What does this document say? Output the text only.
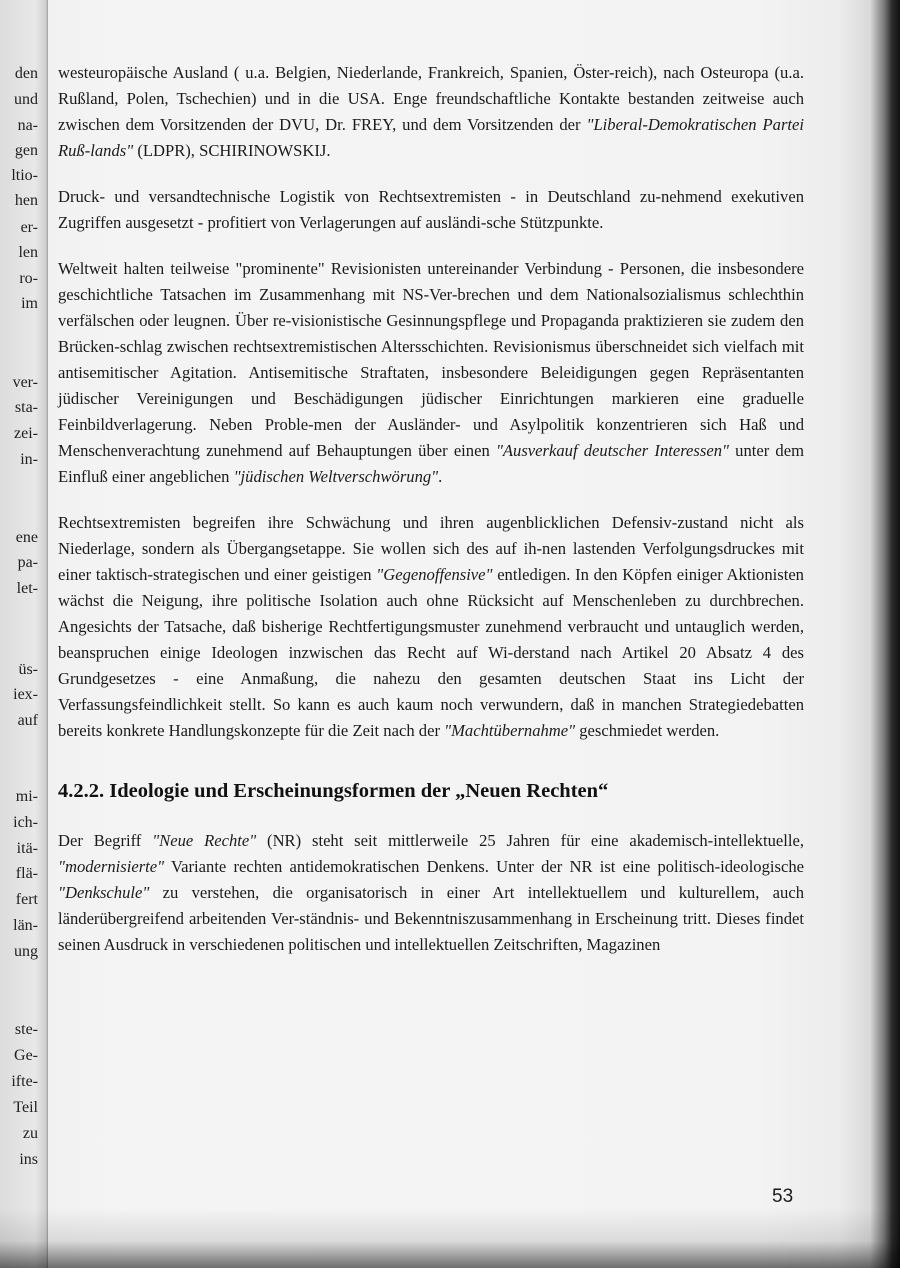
den

und

na-

gen

ltio-

hen

er-

len

ro-

im

ver-

sta-

zei-

in-

ene

pa-

let-

üs-

iex-

auf

mi-

ich-

itä-

flä-

fert

län-

ung

ste-

Ge-

ifte-

Teil

zu

ins

westeuropäische Ausland ( u.a. Belgien, Niederlande, Frankreich, Spanien, Öster-reich), nach Osteuropa (u.a. Rußland, Polen, Tschechien) und in die USA. Enge freundschaftliche Kontakte bestanden zeitweise auch zwischen dem Vorsitzenden der DVU, Dr. FREY, und dem Vorsitzenden der "Liberal-Demokratischen Partei Ruß-lands" (LDPR), SCHIRINOWSKIJ.

Druck- und versandtechnische Logistik von Rechtsextremisten - in Deutschland zu-nehmend exekutiven Zugriffen ausgesetzt - profitiert von Verlagerungen auf ausländi-sche Stützpunkte.

Weltweit halten teilweise "prominente" Revisionisten untereinander Verbindung - Personen, die insbesondere geschichtliche Tatsachen im Zusammenhang mit NS-Ver-brechen und dem Nationalsozialismus schlechthin verfälschen oder leugnen. Über re-visionistische Gesinnungspflege und Propaganda praktizieren sie zudem den Brücken-schlag zwischen rechtsextremistischen Altersschichten. Revisionismus überschneidet sich vielfach mit antisemitischer Agitation. Antisemitische Straftaten, insbesondere Beleidigungen gegen Repräsentanten jüdischer Vereinigungen und Beschädigungen jüdischer Einrichtungen markieren eine graduelle Feinbildverlagerung. Neben Proble-men der Ausländer- und Asylpolitik konzentrieren sich Haß und Menschenverachtung zunehmend auf Behauptungen über einen "Ausverkauf deutscher Interessen" unter dem Einfluß einer angeblichen "jüdischen Weltverschwörung".

Rechtsextremisten begreifen ihre Schwächung und ihren augenblicklichen Defensiv-zustand nicht als Niederlage, sondern als Übergangsetappe. Sie wollen sich des auf ih-nen lastenden Verfolgungsdruckes mit einer taktisch-strategischen und einer geistigen "Gegenoffensive" entledigen. In den Köpfen einiger Aktionisten wächst die Neigung, ihre politische Isolation auch ohne Rücksicht auf Menschenleben zu durchbrechen. Angesichts der Tatsache, daß bisherige Rechtfertigungsmuster zunehmend verbraucht und untauglich werden, beanspruchen einige Ideologen inzwischen das Recht auf Wi-derstand nach Artikel 20 Absatz 4 des Grundgesetzes - eine Anmaßung, die nahezu den gesamten deutschen Staat ins Licht der Verfassungsfeindlichkeit stellt. So kann es auch kaum noch verwundern, daß in manchen Strategiedebatten bereits konkrete Handlungskonzepte für die Zeit nach der "Machtübernahme" geschmiedet werden.

4.2.2. Ideologie und Erscheinungsformen der „Neuen Rechten“

Der Begriff "Neue Rechte" (NR) steht seit mittlerweile 25 Jahren für eine akademisch-intellektuelle, "modernisierte" Variante rechten antidemokratischen Denkens. Unter der NR ist eine politisch-ideologische "Denkschule" zu verstehen, die organisatorisch in einer Art intellektuellem und kulturellem, auch länderübergreifend arbeitenden Ver-ständnis- und Bekenntniszusammenhang in Erscheinung tritt. Dieses findet seinen Ausdruck in verschiedenen politischen und intellektuellen Zeitschriften, Magazinen

53
